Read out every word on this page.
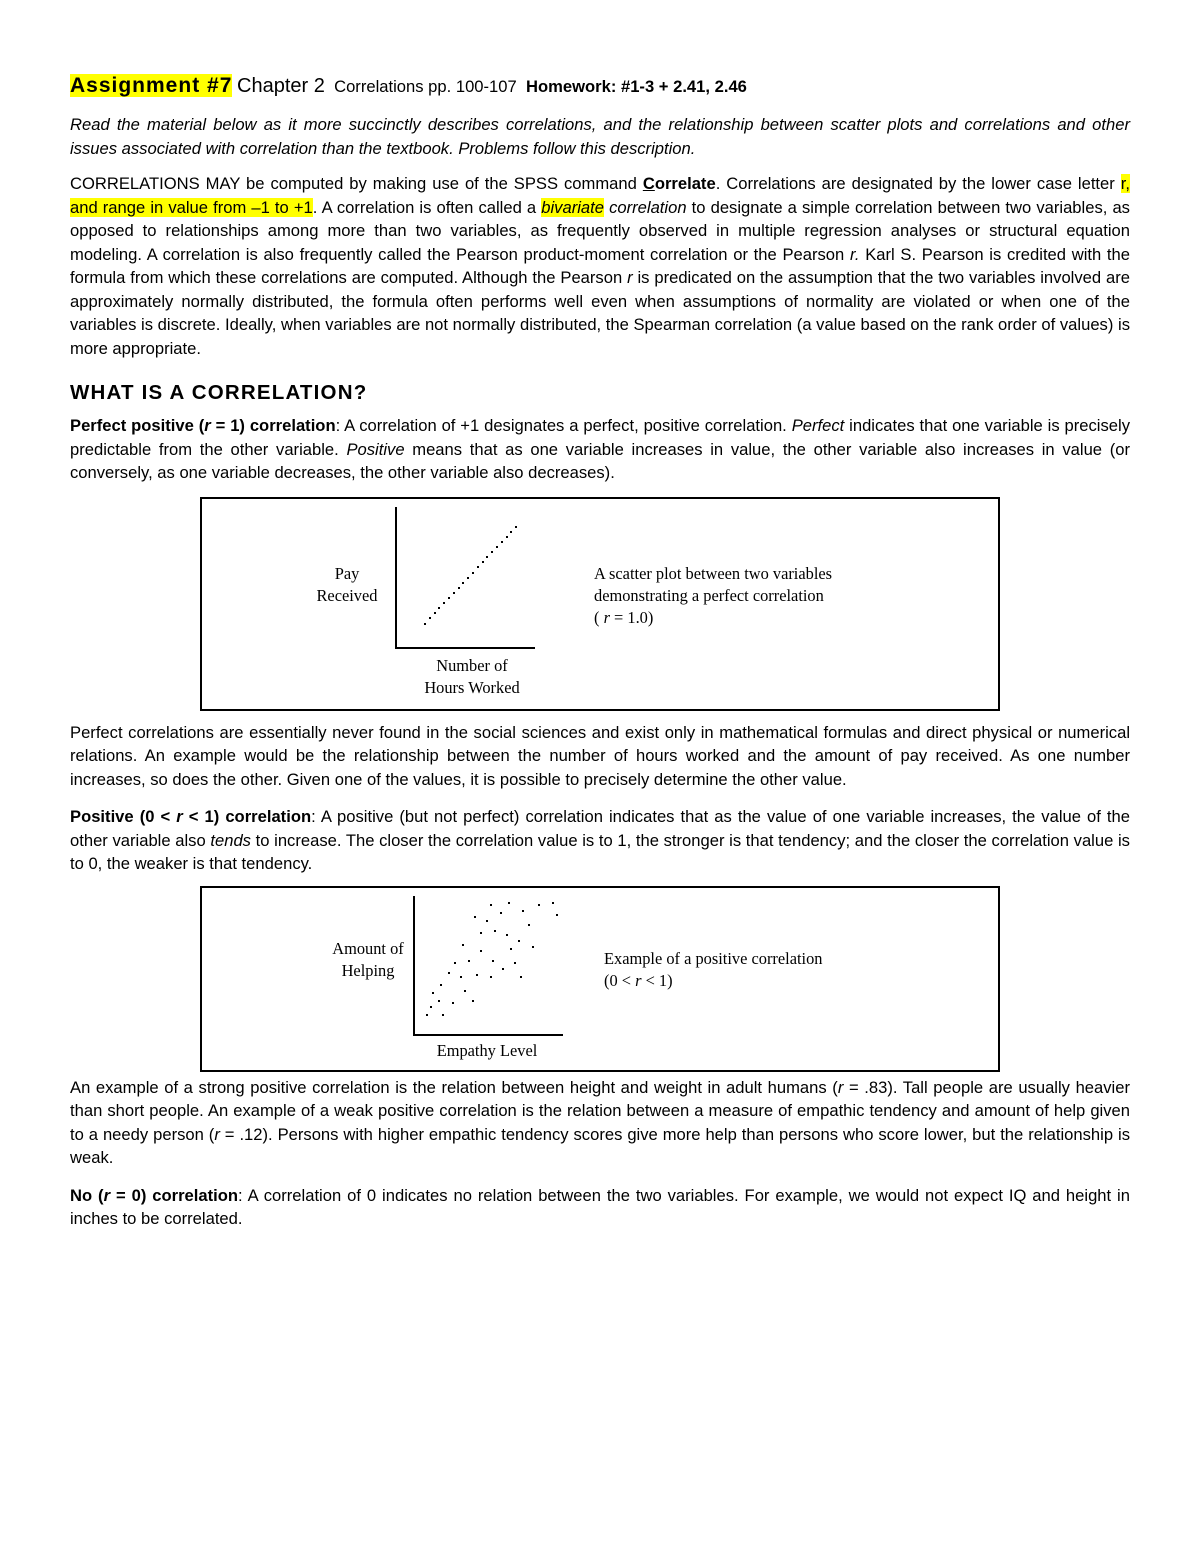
Assignment #7 Chapter 2 Correlations pp. 100-107 Homework: #1-3 + 2.41, 2.46

Read the material below as it more succinctly describes correlations, and the relationship between scatter plots and correlations and other issues associated with correlation than the textbook. Problems follow this description.

CORRELATIONS MAY be computed by making use of the SPSS command Correlate. Correlations are designated by the lower case letter r, and range in value from –1 to +1. A correlation is often called a bivariate correlation to designate a simple correlation between two variables, as opposed to relationships among more than two variables, as frequently observed in multiple regression analyses or structural equation modeling. A correlation is also frequently called the Pearson product-moment correlation or the Pearson r. Karl S. Pearson is credited with the formula from which these correlations are computed. Although the Pearson r is predicated on the assumption that the two variables involved are approximately normally distributed, the formula often performs well even when assumptions of normality are violated or when one of the variables is discrete. Ideally, when variables are not normally distributed, the Spearman correlation (a value based on the rank order of values) is more appropriate.

WHAT IS A CORRELATION?

Perfect positive (r = 1) correlation: A correlation of +1 designates a perfect, positive correlation. Perfect indicates that one variable is precisely predictable from the other variable. Positive means that as one variable increases in value, the other variable also increases in value (or conversely, as one variable decreases, the other variable also decreases).

Pay
Received
Number of
Hours Worked
A scatter plot between two variables
demonstrating a perfect correlation
( r = 1.0)

Perfect correlations are essentially never found in the social sciences and exist only in mathematical formulas and direct physical or numerical relations. An example would be the relationship between the number of hours worked and the amount of pay received. As one number increases, so does the other. Given one of the values, it is possible to precisely determine the other value.

Positive (0 < r < 1) correlation: A positive (but not perfect) correlation indicates that as the value of one variable increases, the value of the other variable also tends to increase. The closer the correlation value is to 1, the stronger is that tendency; and the closer the correlation value is to 0, the weaker is that tendency.

Amount of
Helping
Empathy Level
Example of a positive correlation
(0 < r < 1)

An example of a strong positive correlation is the relation between height and weight in adult humans (r = .83). Tall people are usually heavier than short people. An example of a weak positive correlation is the relation between a measure of empathic tendency and amount of help given to a needy person (r = .12). Persons with higher empathic tendency scores give more help than persons who score lower, but the relationship is weak.

No (r = 0) correlation: A correlation of 0 indicates no relation between the two variables. For example, we would not expect IQ and height in inches to be correlated.
